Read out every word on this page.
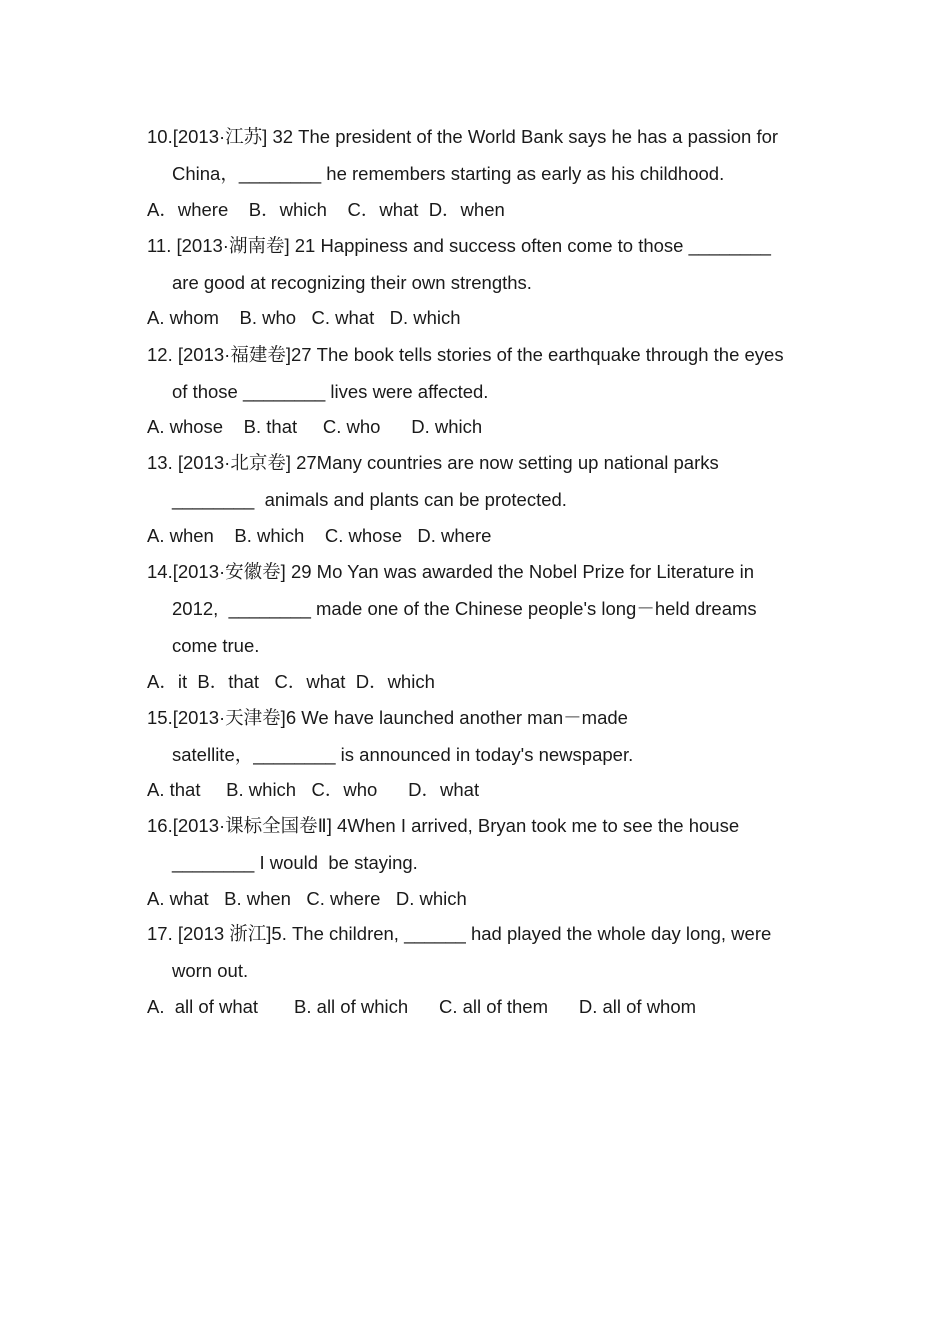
10.[2013·江苏] 32 The president of the World Bank says he has a passion for
China，________ he remembers starting as early as his childhood.
A．where    B．which    C．what  D．when
11. [2013·湖南卷] 21 Happiness and success often come to those ________
are good at recognizing their own strengths.
A. whom    B. who   C. what   D. which
12. [2013·福建卷]27 The book tells stories of the earthquake through the eyes
of those ________ lives were affected.
A. whose    B. that     C. who      D. which
13. [2013·北京卷] 27Many countries are now setting up national parks
________  animals and plants can be protected.
A. when    B. which    C. whose   D. where
14.[2013·安徽卷] 29 Mo Yan was awarded the Nobel Prize for Literature in
2012,  ________ made one of the Chinese people's long－held dreams
come true.
A．it  B．that   C．what  D．which
15.[2013·天津卷]6 We have launched another man－made
satellite，________ is announced in today's newspaper.
A. that     B. which   C．who      D．what
16.[2013·课标全国卷Ⅱ] 4When I arrived, Bryan took me to see the house
________ I would  be staying.
A. what   B. when   C. where   D. which
17. [2013 浙江]5. The children, ______ had played the whole day long, were
worn out.
A.  all of what       B. all of which      C. all of them      D. all of whom
